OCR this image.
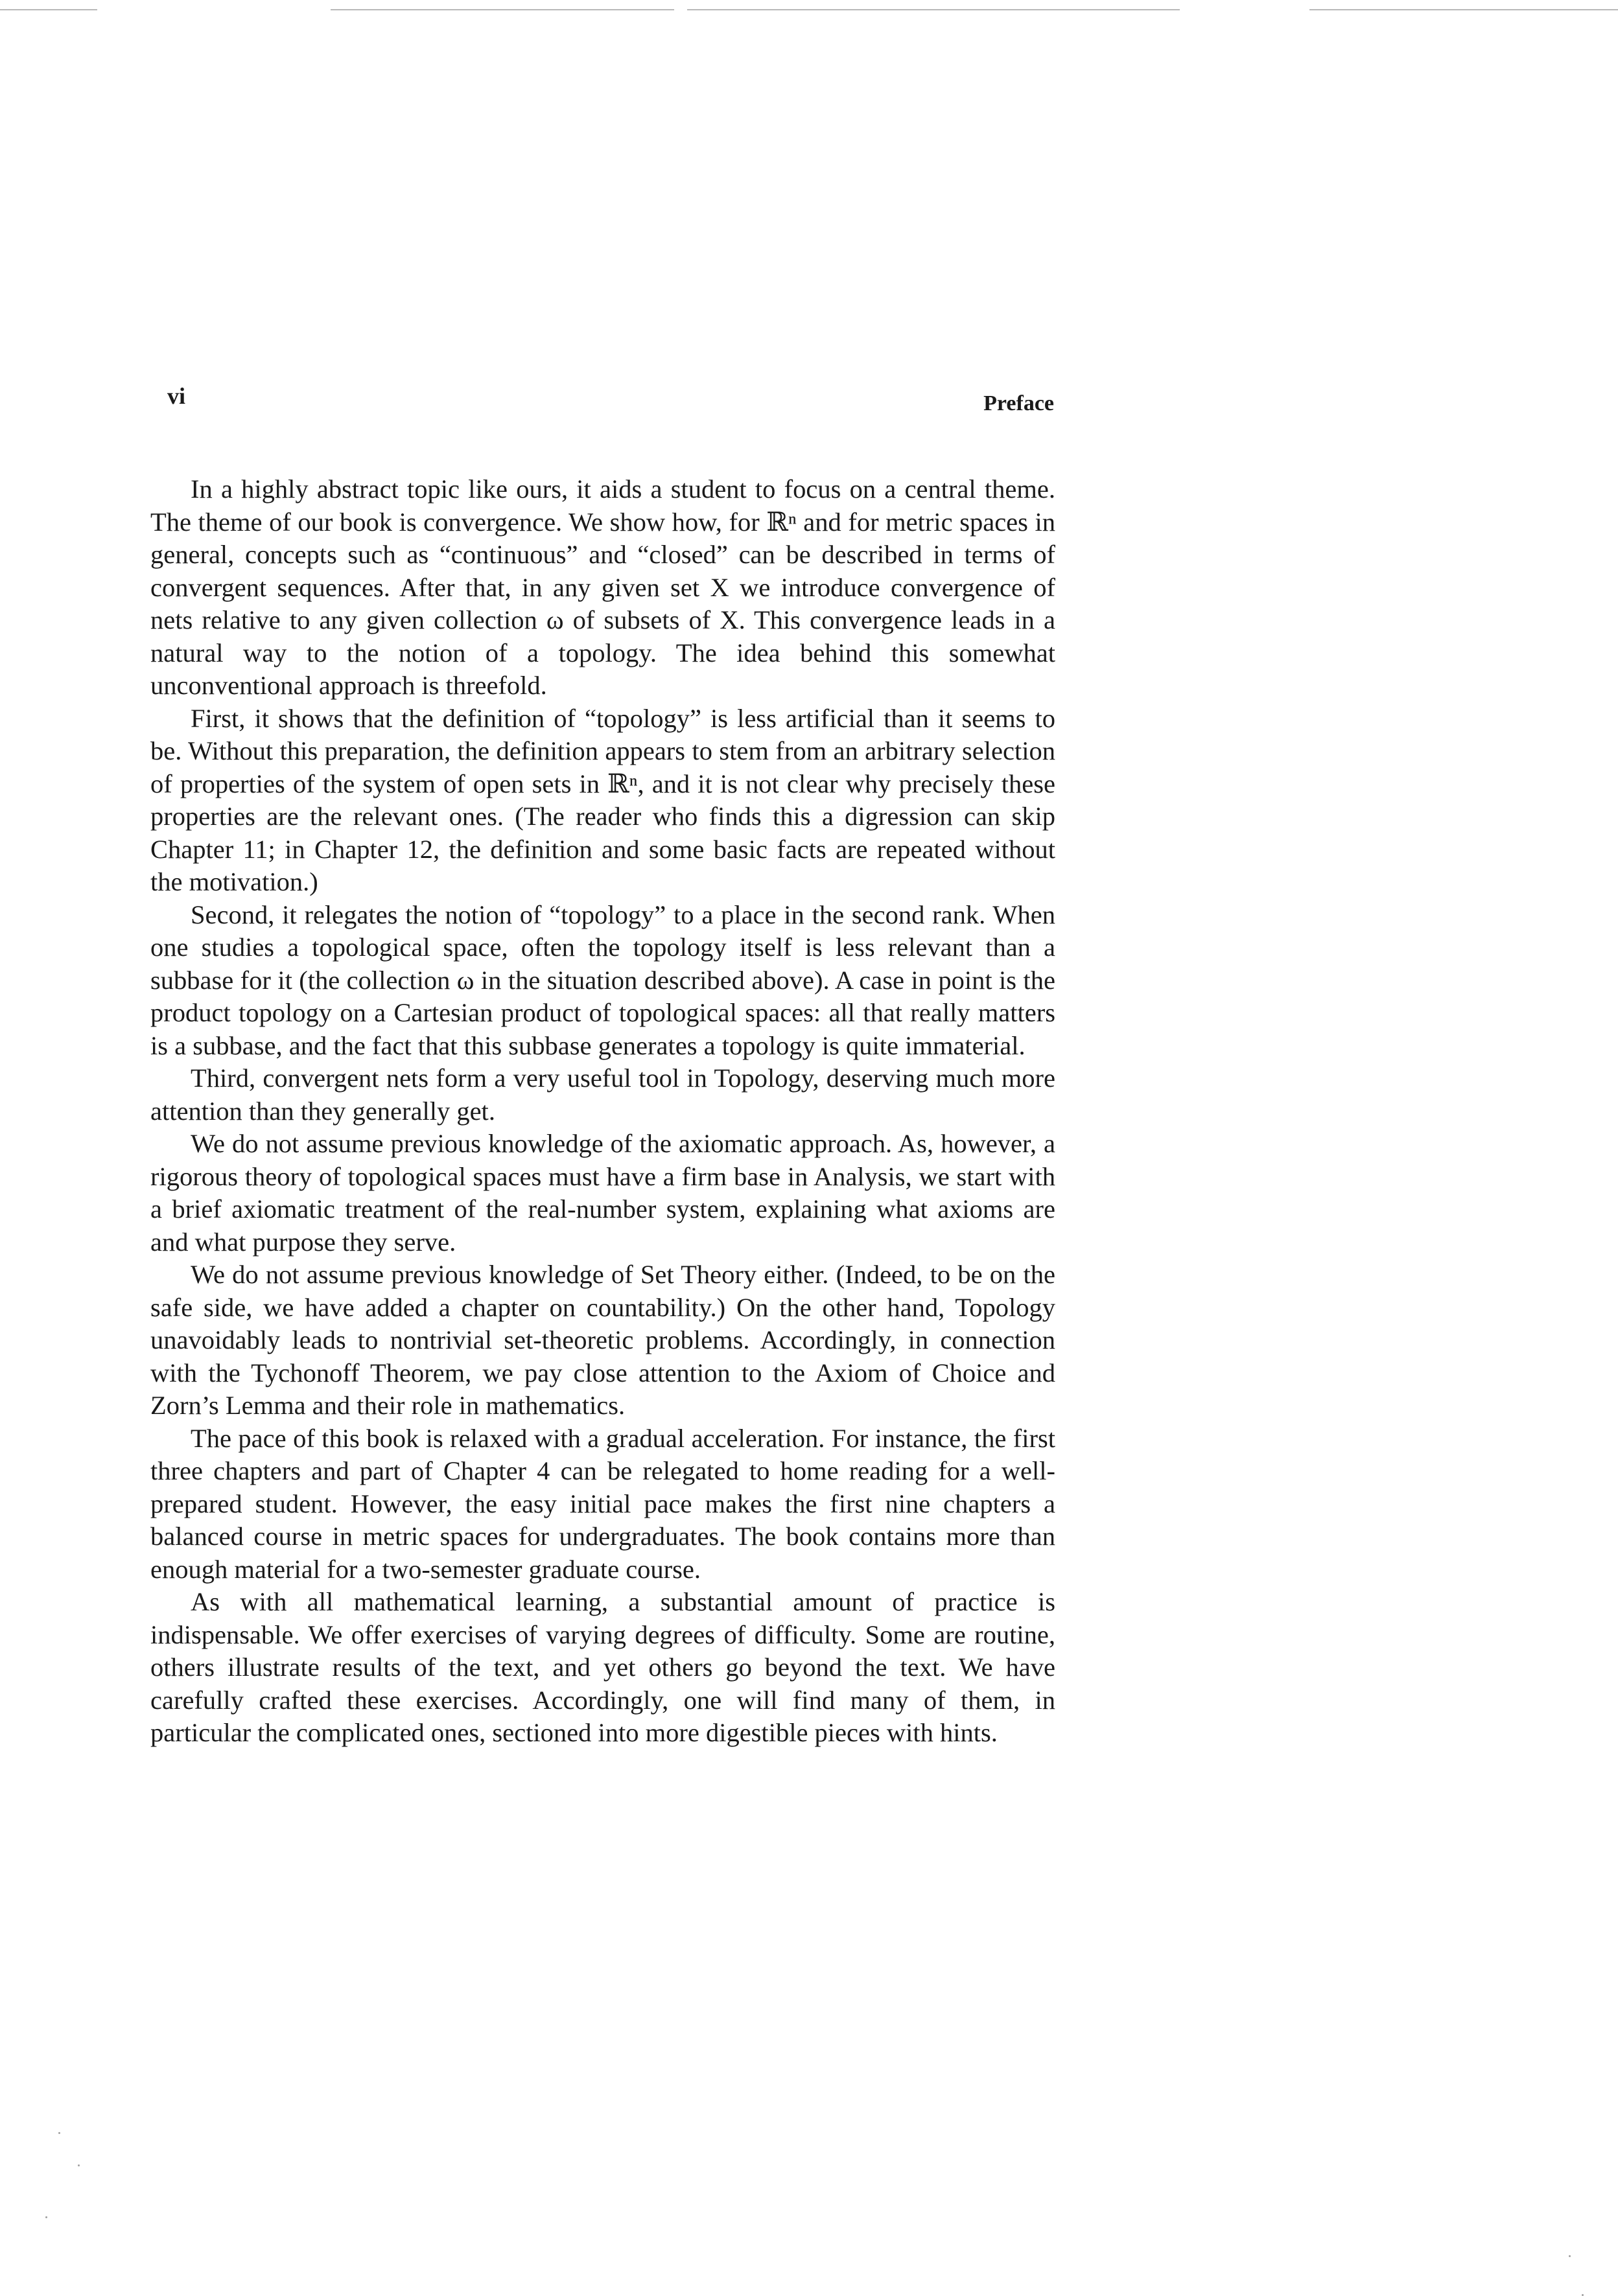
vi	Preface

In a highly abstract topic like ours, it aids a student to focus on a central theme. The theme of our book is convergence. We show how, for ℝⁿ and for metric spaces in general, concepts such as “continuous” and “closed” can be described in terms of convergent sequences. After that, in any given set X we introduce convergence of nets relative to any given collection ω of subsets of X. This convergence leads in a natural way to the notion of a topology. The idea behind this somewhat unconventional approach is threefold.

First, it shows that the definition of “topology” is less artificial than it seems to be. Without this preparation, the definition appears to stem from an arbitrary selection of properties of the system of open sets in ℝⁿ, and it is not clear why precisely these properties are the relevant ones. (The reader who finds this a digression can skip Chapter 11; in Chapter 12, the definition and some basic facts are repeated without the motivation.)

Second, it relegates the notion of “topology” to a place in the second rank. When one studies a topological space, often the topology itself is less relevant than a subbase for it (the collection ω in the situation described above). A case in point is the product topology on a Cartesian product of topological spaces: all that really matters is a subbase, and the fact that this subbase generates a topology is quite immaterial.

Third, convergent nets form a very useful tool in Topology, deserving much more attention than they generally get.

We do not assume previous knowledge of the axiomatic approach. As, however, a rigorous theory of topological spaces must have a firm base in Analysis, we start with a brief axiomatic treatment of the real-number system, explaining what axioms are and what purpose they serve.

We do not assume previous knowledge of Set Theory either. (Indeed, to be on the safe side, we have added a chapter on countability.) On the other hand, Topology unavoidably leads to nontrivial set-theoretic problems. Accordingly, in connection with the Tychonoff Theorem, we pay close attention to the Axiom of Choice and Zorn’s Lemma and their role in mathematics.

The pace of this book is relaxed with a gradual acceleration. For instance, the first three chapters and part of Chapter 4 can be relegated to home reading for a well-prepared student. However, the easy initial pace makes the first nine chapters a balanced course in metric spaces for undergraduates. The book contains more than enough material for a two-semester graduate course.

As with all mathematical learning, a substantial amount of practice is indispensable. We offer exercises of varying degrees of difficulty. Some are routine, others illustrate results of the text, and yet others go beyond the text. We have carefully crafted these exercises. Accordingly, one will find many of them, in particular the complicated ones, sectioned into more digestible pieces with hints.
